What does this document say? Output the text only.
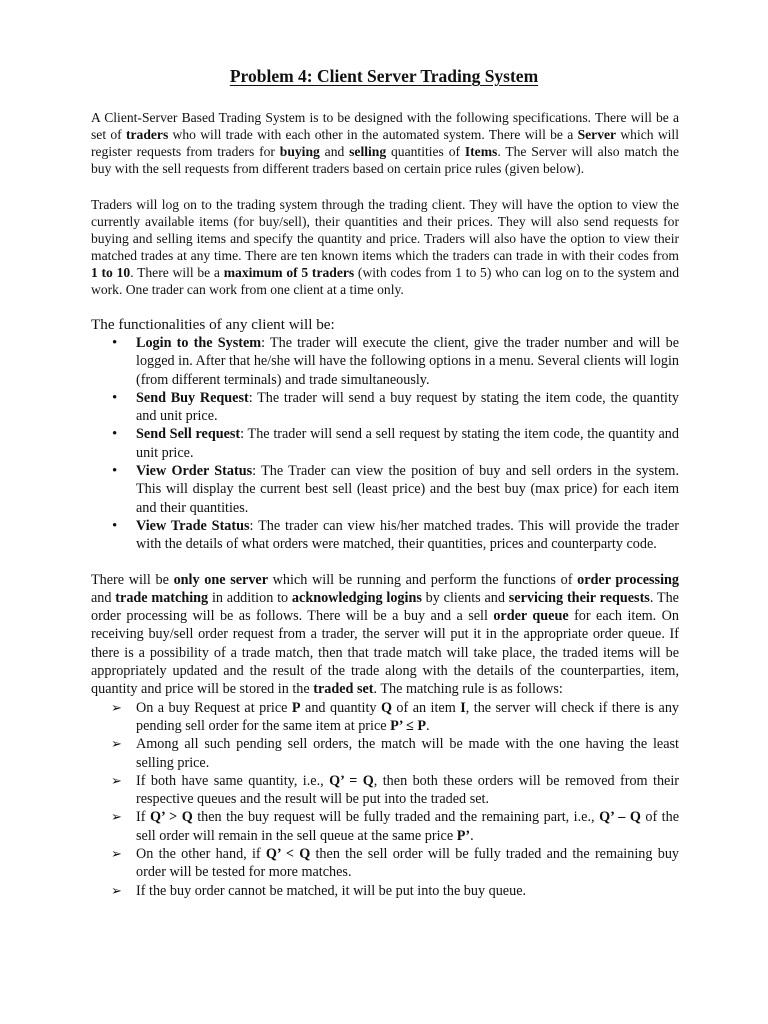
Problem 4: Client Server Trading System

A Client-Server Based Trading System is to be designed with the following specifications. There will be a set of traders who will trade with each other in the automated system. There will be a Server which will register requests from traders for buying and selling quantities of Items. The Server will also match the buy with the sell requests from different traders based on certain price rules (given below).

Traders will log on to the trading system through the trading client. They will have the option to view the currently available items (for buy/sell), their quantities and their prices. They will also send requests for buying and selling items and specify the quantity and price. Traders will also have the option to view their matched trades at any time. There are ten known items which the traders can trade in with their codes from 1 to 10. There will be a maximum of 5 traders (with codes from 1 to 5) who can log on to the system and work. One trader can work from one client at a time only.

The functionalities of any client will be:

•	Login to the System: The trader will execute the client, give the trader number and will be logged in. After that he/she will have the following options in a menu. Several clients will login (from different terminals) and trade simultaneously.
•	Send Buy Request: The trader will send a buy request by stating the item code, the quantity and unit price.
•	Send Sell request: The trader will send a sell request by stating the item code, the quantity and unit price.
•	View Order Status: The Trader can view the position of buy and sell orders in the system. This will display the current best sell (least price) and the best buy (max price) for each item and their quantities.
•	View Trade Status: The trader can view his/her matched trades. This will provide the trader with the details of what orders were matched, their quantities, prices and counterparty code.

There will be only one server which will be running and perform the functions of order processing and trade matching in addition to acknowledging logins by clients and servicing their requests. The order processing will be as follows. There will be a buy and a sell order queue for each item. On receiving buy/sell order request from a trader, the server will put it in the appropriate order queue. If there is a possibility of a trade match, then that trade match will take place, the traded items will be appropriately updated and the result of the trade along with the details of the counterparties, item, quantity and price will be stored in the traded set. The matching rule is as follows:

➢ On a buy Request at price P and quantity Q of an item I, the server will check if there is any pending sell order for the same item at price P’ ≤ P.
➢ Among all such pending sell orders, the match will be made with the one having the least selling price.
➢ If both have same quantity, i.e., Q’ = Q, then both these orders will be removed from their respective queues and the result will be put into the traded set.
➢ If Q’ > Q then the buy request will be fully traded and the remaining part, i.e., Q’ – Q of the sell order will remain in the sell queue at the same price P’.
➢ On the other hand, if Q’ < Q then the sell order will be fully traded and the remaining buy order will be tested for more matches.
➢ If the buy order cannot be matched, it will be put into the buy queue.
